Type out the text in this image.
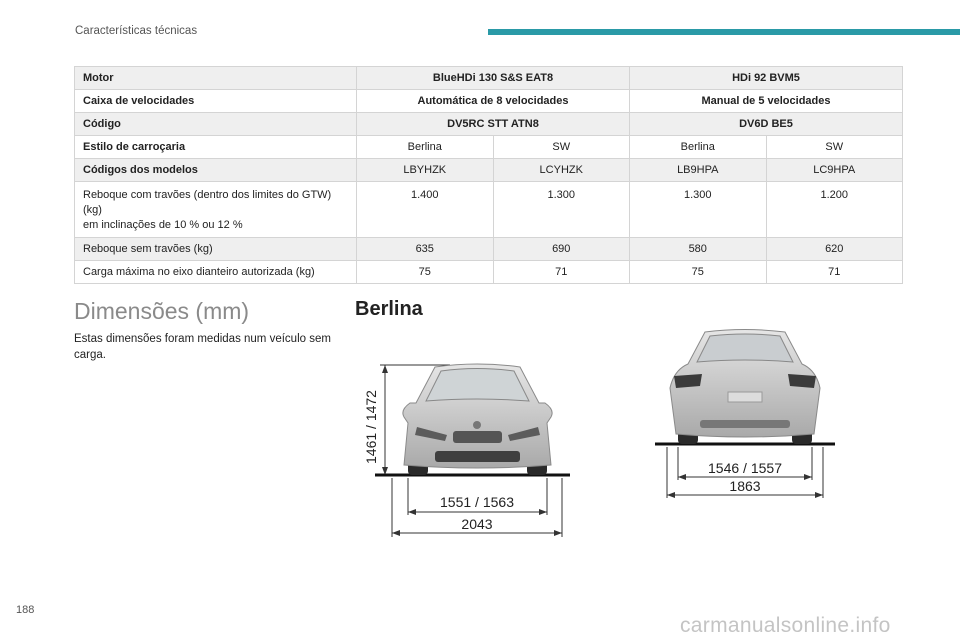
Características técnicas
Motor	BlueHDi 130 S&S EAT8		HDi 92 BVM5	
Caixa de velocidades	Automática de 8 velocidades		Manual de 5 velocidades	
Código	DV5RC STT ATN8		DV6D BE5	
Estilo de carroçaria	Berlina	SW	Berlina	SW
Códigos dos modelos	LBYHZK	LCYHZK	LB9HPA	LC9HPA
Reboque com travões (dentro dos limites do GTW)
(kg)
em inclinações de 10 % ou 12 %	1.400	1.300	1.300	1.200
Reboque sem travões (kg)	635	690	580	620
Carga máxima no eixo dianteiro autorizada (kg)	75	71	75	71
Dimensões (mm)
Estas dimensões foram medidas num veículo sem carga.
Berlina
1461 / 1472
1551 / 1563
2043
1546 / 1557
1863
188
carmanualsonline.info
